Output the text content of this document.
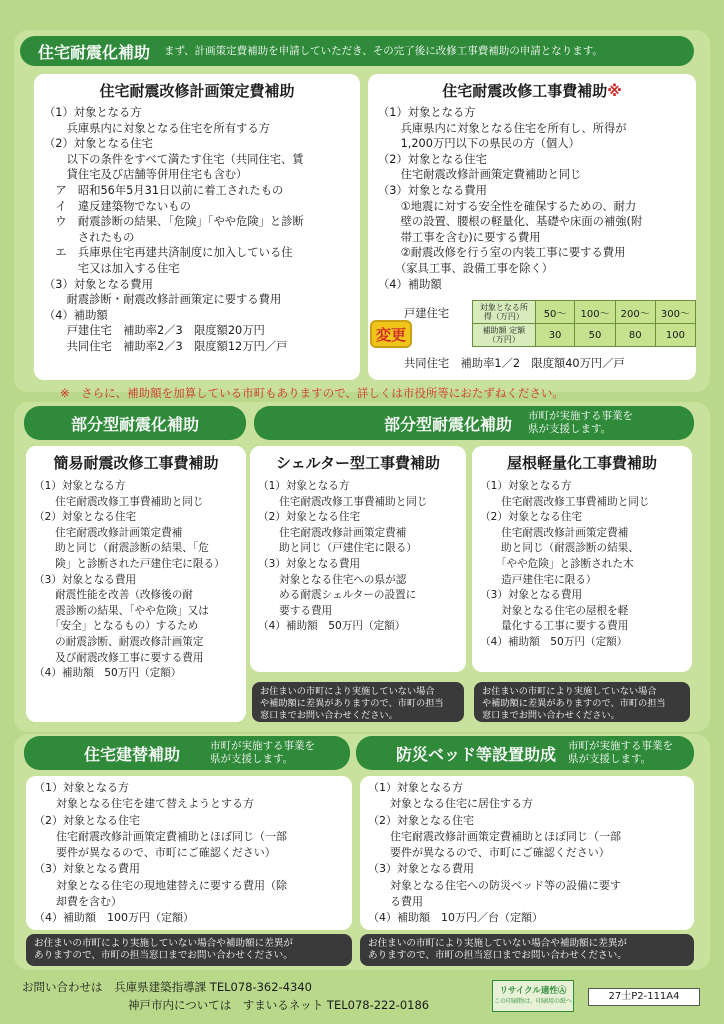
住宅耐震化補助 まず、計画策定費補助を申請していただき、その完了後に改修工事費補助の申請となります。
住宅耐震改修計画策定費補助
（1）対象となる方
　　兵庫県内に対象となる住宅を所有する方
（2）対象となる住宅
　　以下の条件をすべて満たす住宅（共同住宅、賃
　　貸住宅及び店舗等併用住宅も含む）
　ア　昭和56年5月31日以前に着工されたもの
　イ　違反建築物でないもの
　ウ　耐震診断の結果、「危険」「やや危険」と診断
　　　されたもの
　エ　兵庫県住宅再建共済制度に加入している住
　　　宅又は加入する住宅
（3）対象となる費用
　　耐震診断・耐震改修計画策定に要する費用
（4）補助額
　　戸建住宅　補助率2／3　限度額20万円
　　共同住宅　補助率2／3　限度額12万円／戸
住宅耐震改修工事費補助※
（1）対象となる方
　　兵庫県内に対象となる住宅を所有し、所得が
　　1,200万円以下の県民の方（個人）
（2）対象となる住宅
　　住宅耐震改修計画策定費補助と同じ
（3）対象となる費用
　　①地震に対する安全性を確保するための、耐力
　　壁の設置、腰根の軽量化、基礎や床面の補強(附
　　帯工事を含む)に要する費用
　　②耐震改修を行う室の内装工事に要する費用
　　（家具工事、設備工事を除く）
（4）補助額
戸建住宅
変更
対象となる所得（万円）	50～	100～	200～	300～
補助額 定額（万円）	30	50	80	100
共同住宅　補助率1／2　限度額40万円／戸
※　さらに、補助額を加算している市町もありますので、詳しくは市役所等におたずねください。
部分型耐震化補助	部分型耐震化補助 市町が実施する事業を
県が支援します。
簡易耐震改修工事費補助
（1）対象となる方
　　住宅耐震改修工事費補助と同じ
（2）対象となる住宅
　　住宅耐震改修計画策定費補
　　助と同じ（耐震診断の結果、「危
　　険」と診断された戸建住宅に限る）
（3）対象となる費用
　　耐震性能を改善（改修後の耐
　　震診断の結果、「やや危険」又は
　　「安全」となるもの）するため
　　の耐震診断、耐震改修計画策定
　　及び耐震改修工事に要する費用
（4）補助額　50万円（定額）
シェルター型工事費補助
（1）対象となる方
　　住宅耐震改修工事費補助と同じ
（2）対象となる住宅
　　住宅耐震改修計画策定費補
　　助と同じ（戸建住宅に限る）
（3）対象となる費用
　　対象となる住宅への県が認
　　める耐震シェルターの設置に
　　要する費用
（4）補助額　50万円（定額）
屋根軽量化工事費補助
（1）対象となる方
　　住宅耐震改修工事費補助と同じ
（2）対象となる住宅
　　住宅耐震改修計画策定費補
　　助と同じ（耐震診断の結果、
　　「やや危険」と診断された木
　　造戸建住宅に限る）
（3）対象となる費用
　　対象となる住宅の屋根を軽
　　量化する工事に要する費用
（4）補助額　50万円（定額）
お住まいの市町により実施していない場合
や補助額に差異がありますので、市町の担当
窓口までお問い合わせください。
お住まいの市町により実施していない場合
や補助額に差異がありますので、市町の担当
窓口までお問い合わせください。
住宅建替補助	市町が実施する事業を
県が支援します。	防災ベッド等設置助成 市町が実施する事業を
県が支援します。
（1）対象となる方
　　対象となる住宅を建て替えようとする方
（2）対象となる住宅
　　住宅耐震改修計画策定費補助とほぼ同じ（一部
　　要件が異なるので、市町にご確認ください）
（3）対象となる費用
　　対象となる住宅の現地建替えに要する費用（除
　　却費を含む）
（4）補助額　100万円（定額）
（1）対象となる方
　　対象となる住宅に居住する方
（2）対象となる住宅
　　住宅耐震改修計画策定費補助とほぼ同じ（一部
　　要件が異なるので、市町にご確認ください）
（3）対象となる費用
　　対象となる住宅への防災ベッド等の設備に要す
　　る費用
（4）補助額　10万円／台（定額）
お住まいの市町により実施していない場合や補助額に差異が
ありますので、市町の担当窓口までお問い合わせください。
お住まいの市町により実施していない場合や補助額に差異が
ありますので、市町の担当窓口までお問い合わせください。
お問い合わせは 兵庫県建築指導課 TEL078-362-4340
神戸市内については　すまいるネット TEL078-222-0186
リサイクル適性Ⓐ
この印刷物は、印刷用の紙へ	27土P2-111A4
